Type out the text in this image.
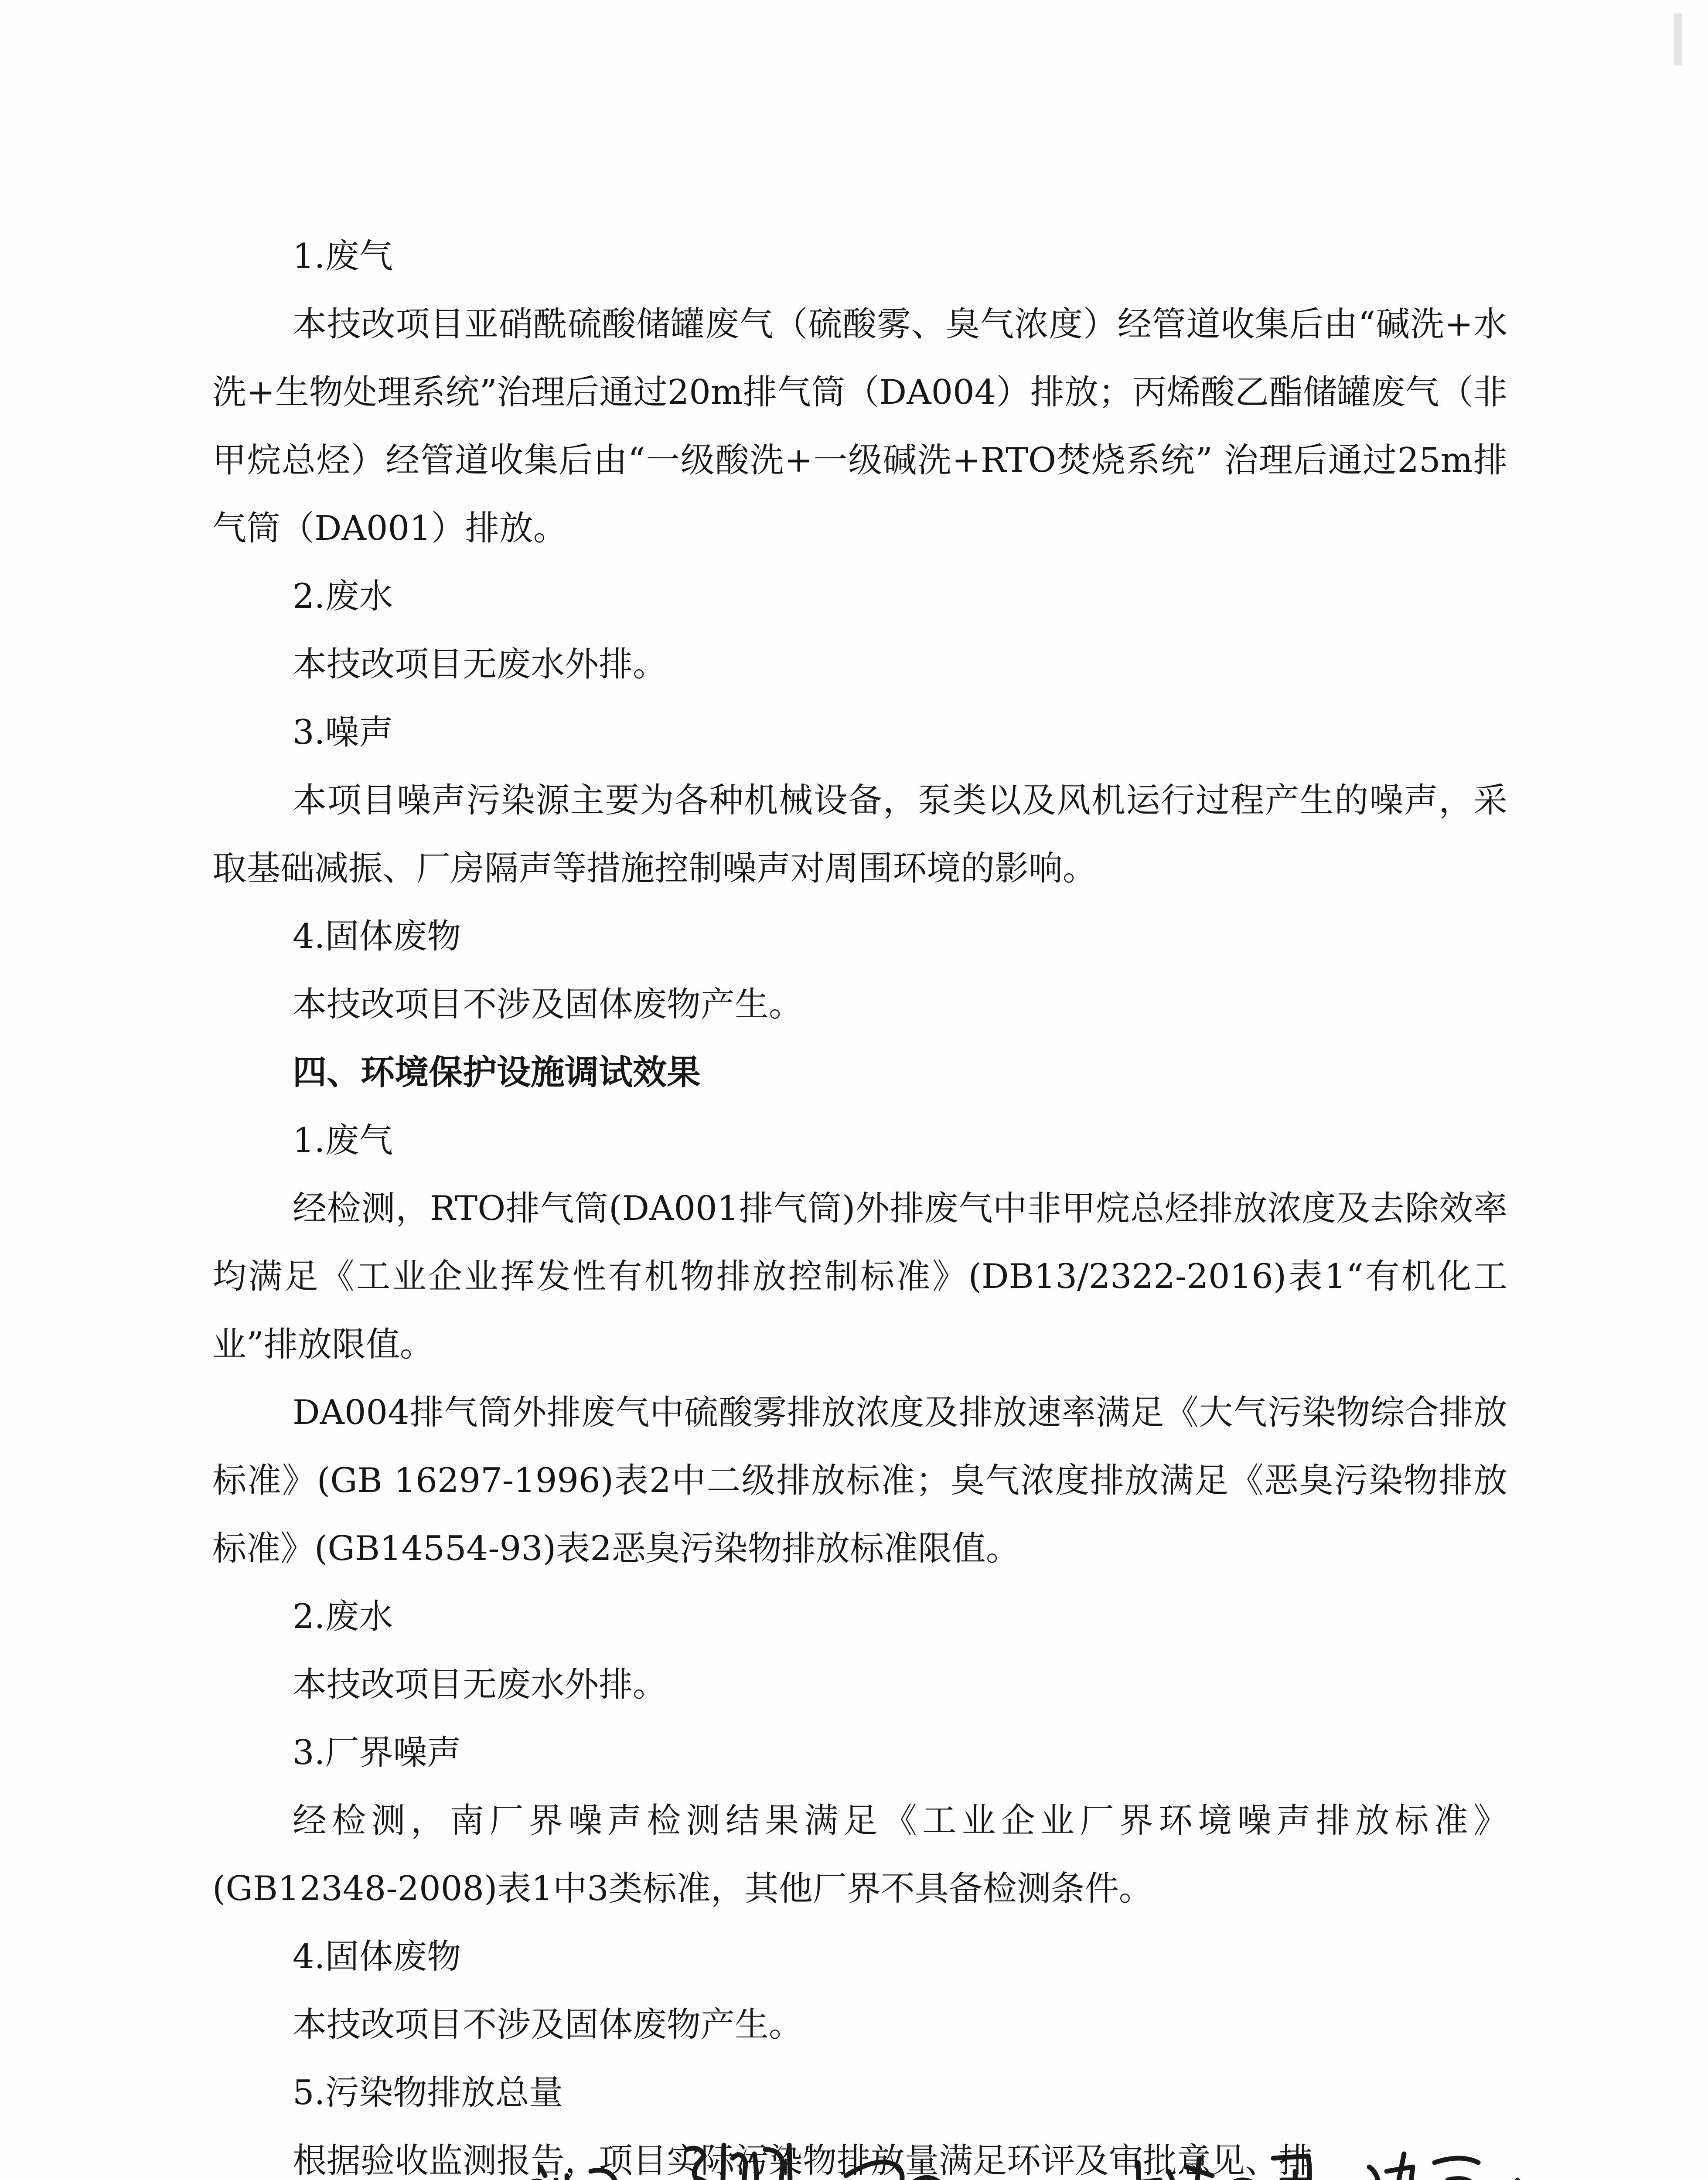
1.废气

本技改项目亚硝酰硫酸储罐废气（硫酸雾、臭气浓度）经管道收集后由“碱洗+水洗+生物处理系统”治理后通过20m排气筒（DA004）排放；丙烯酸乙酯储罐废气（非甲烷总烃）经管道收集后由“一级酸洗+一级碱洗+RTO焚烧系统” 治理后通过25m排气筒（DA001）排放。

2.废水

本技改项目无废水外排。

3.噪声

本项目噪声污染源主要为各种机械设备，泵类以及风机运行过程产生的噪声，采取基础减振、厂房隔声等措施控制噪声对周围环境的影响。

4.固体废物

本技改项目不涉及固体废物产生。

四、环境保护设施调试效果

1.废气

经检测，RTO排气筒(DA001排气筒)外排废气中非甲烷总烃排放浓度及去除效率均满足《工业企业挥发性有机物排放控制标准》(DB13/2322-2016)表1“有机化工业”排放限值。

DA004排气筒外排废气中硫酸雾排放浓度及排放速率满足《大气污染物综合排放标准》(GB 16297-1996)表2中二级排放标准；臭气浓度排放满足《恶臭污染物排放标准》(GB14554-93)表2恶臭污染物排放标准限值。

2.废水

本技改项目无废水外排。

3.厂界噪声

经检测，南厂界噪声检测结果满足《工业企业厂界环境噪声排放标准》(GB12348-2008)表1中3类标准，其他厂界不具备检测条件。

4.固体废物

本技改项目不涉及固体废物产生。

5.污染物排放总量

根据验收监测报告，项目实际污染物排放量满足环评及审批意见、排
